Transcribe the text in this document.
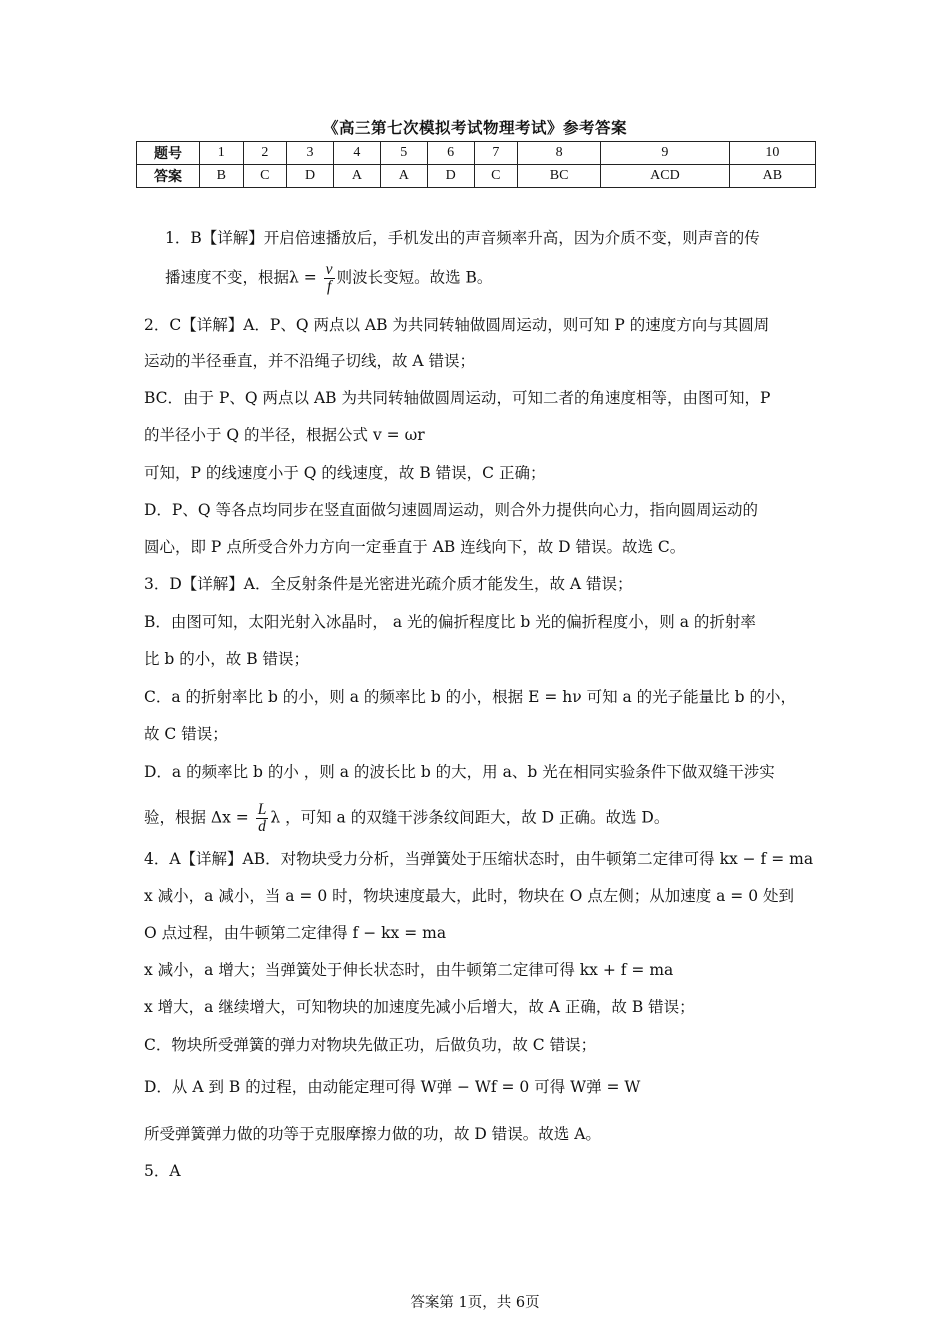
《高三第七次模拟考试物理考试》参考答案
题号	1	2	3	4	5	6	7	8	9	10
答案	B	C	D	A	A	D	C	BC	ACD	AB
1．B【详解】开启倍速播放后，手机发出的声音频率升高，因为介质不变，则声音的传
播速度不变，根据$\lambda = \frac{v}{f}$ 则波长变短。故选 B。
2．C【详解】A．P、Q 两点以 AB 为共同转轴做圆周运动，则可知 P 的速度方向与其圆周
运动的半径垂直，并不沿绳子切线，故 A 错误；
BC．由于 P、Q 两点以 AB 为共同转轴做圆周运动，可知二者的角速度相等，由图可知，P
的半径小于 Q 的半径，根据公式 v = ωr
可知，P 的线速度小于 Q 的线速度，故 B 错误，C 正确；
D．P、Q 等各点均同步在竖直面做匀速圆周运动，则合外力提供向心力，指向圆周运动的
圆心，即 P 点所受合外力方向一定垂直于 AB 连线向下，故 D 错误。故选 C。
3．D【详解】A．全反射条件是光密进光疏介质才能发生，故 A 错误；
B．由图可知，太阳光射入冰晶时， a 光的偏折程度比 b 光的偏折程度小，则 a 的折射率
比 b 的小，故 B 错误；
C．a 的折射率比 b 的小，则 a 的频率比 b 的小，根据 E = hν 可知 a 的光子能量比 b 的小，
故 C 错误；
D．a 的频率比 b 的小 ，则 a 的波长比 b 的大，用 a、b 光在相同实验条件下做双缝干涉实
验，根据 $\Delta x = \frac{L}{d}$ λ ，可知 a 的双缝干涉条纹间距大，故 D 正确。故选 D。
4．A【详解】AB．对物块受力分析，当弹簧处于压缩状态时，由牛顿第二定律可得 kx − f = ma
x 减小，a 减小，当 a = 0 时，物块速度最大，此时，物块在 O 点左侧；从加速度 a = 0 处到
O 点过程，由牛顿第二定律得 f − kx = ma
x 减小，a 增大；当弹簧处于伸长状态时，由牛顿第二定律可得 kx + f = ma
x 增大，a 继续增大，可知物块的加速度先减小后增大，故 A 正确，故 B 错误；
C．物块所受弹簧的弹力对物块先做正功，后做负功，故 C 错误；
D．从 A 到 B 的过程，由动能定理可得 W弹 − Wf = 0 可得 W弹 = W
所受弹簧弹力做的功等于克服摩擦力做的功，故 D 错误。故选 A。
5．A
答案第 1页，共 6页
